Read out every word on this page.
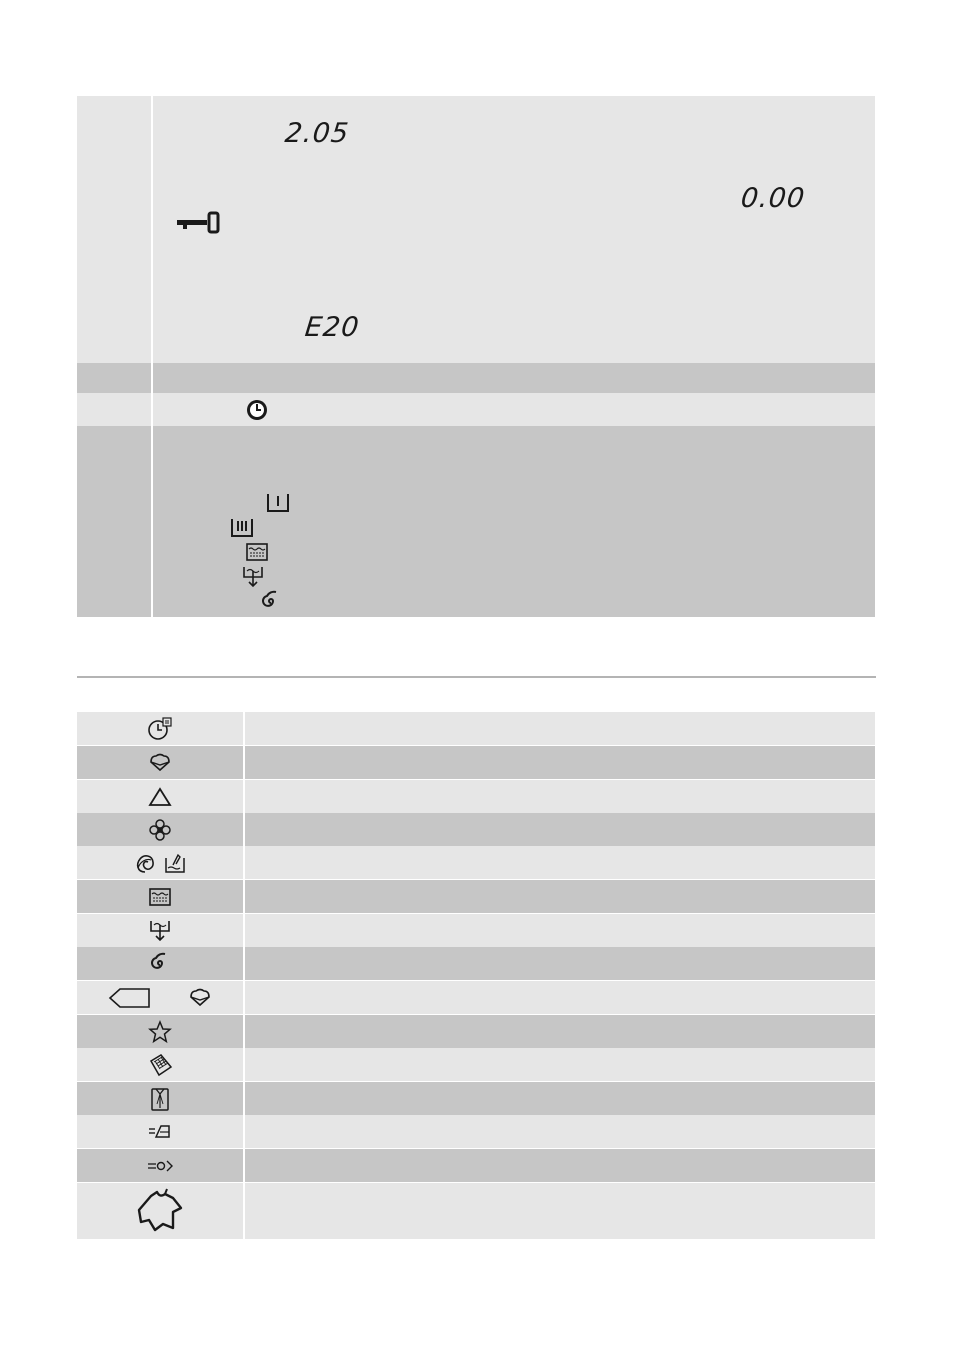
2.05
0.00
E20
